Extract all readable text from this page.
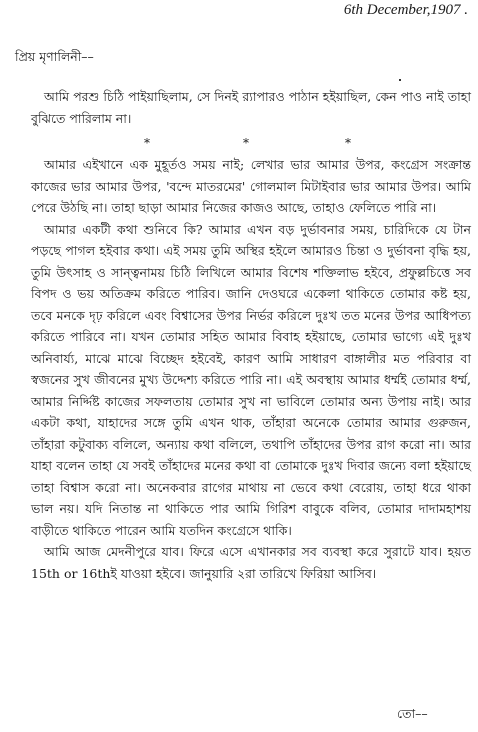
6th December,1907 .
প্রিয় মৃণালিনী––
*	*	*

আমি পরশু চিঠি পাইয়াছিলাম, সে দিনই র‍্যাপারও পাঠান হইয়াছিল, কেন পাও নাই তাহা বুঝিতে পারিলাম না।

আমার এইখানে এক মুহূর্তও সময় নাই; লেখার ভার আমার উপর, কংগ্রেস সংক্রান্ত কাজের ভার আমার উপর, 'বন্দে মাতরমের' গোলমাল মিটাইবার ভার আমার উপর। আমি পেরে উঠছি না। তাহা ছাড়া আমার নিজের কাজও আছে, তাহাও ফেলিতে পারি না।

আমার একটী কথা শুনিবে কি? আমার এখন বড় দুর্ভাবনার সময়, চারিদিকে যে টান পড়ছে পাগল হইবার কথা। এই সময় তুমি অস্থির হইলে আমারও চিন্তা ও দুর্ভাবনা বৃদ্ধি হয়, তুমি উৎসাহ ও সান্ত্বনাময় চিঠি লিখিলে আমার বিশেষ শক্তিলাভ হইবে, প্রফুল্লচিত্তে সব বিপদ ও ভয় অতিক্রম করিতে পারিব। জানি দেওঘরে একেলা থাকিতে তোমার কষ্ট হয়, তবে মনকে দৃঢ় করিলে এবং বিশ্বাসের উপর নির্ভর করিলে দুঃখ তত মনের উপর আধিপত্য করিতে পারিবে না। যখন তোমার সহিত আমার বিবাহ হইয়াছে, তোমার ভাগ্যে এই দুঃখ অনিবার্য্য, মাঝে মাঝে বিচ্ছেদ হইবেই, কারণ আমি সাধারণ বাঙ্গালীর মত পরিবার বা স্বজনের সুখ জীবনের মুখ্য উদ্দেশ্য করিতে পারি না। এই অবস্থায় আমার ধর্ম্মই তোমার ধর্ম্ম, আমার নির্দ্দিষ্ট কাজের সফলতায় তোমার সুখ না ভাবিলে তোমার অন্য উপায় নাই। আর একটা কথা, যাহাদের সঙ্গে তুমি এখন থাক, তাঁহারা অনেকে তোমার আমার গুরুজন, তাঁহারা কটুবাক্য বলিলে, অন্যায় কথা বলিলে, তথাপি তাঁহাদের উপর রাগ করো না। আর যাহা বলেন তাহা যে সবই তাঁহাদের মনের কথা বা তোমাকে দুঃখ দিবার জন্যে বলা হইয়াছে তাহা বিশ্বাস করো না। অনেকবার রাগের মাথায় না ভেবে কথা বেরোয়, তাহা ধরে থাকা ভাল নয়। যদি নিতান্ত না থাকিতে পার আমি গিরিশ বাবুকে বলিব, তোমার দাদামহাশয় বাড়ীতে থাকিতে পারেন আমি যতদিন কংগ্রেসে থাকি।

আমি আজ মেদনীপুরে যাব। ফিরে এসে এখানকার সব ব্যবস্থা করে সুরাটে যাব। হয়ত 15th or 16thই যাওয়া হইবে। জানুয়ারি ২রা তারিখে ফিরিয়া আসিব।

তো––
